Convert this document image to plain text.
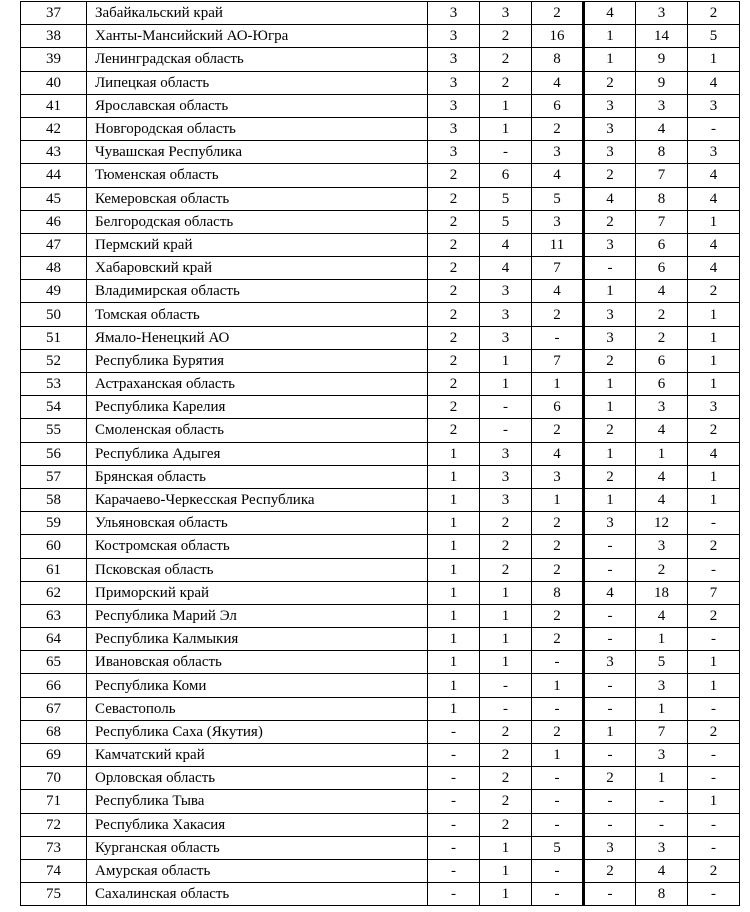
37	Забайкальский край	3	3	2	4	3	2
38	Ханты-Мансийский АО-Югра	3	2	16	1	14	5
39	Ленинградская область	3	2	8	1	9	1
40	Липецкая область	3	2	4	2	9	4
41	Ярославская область	3	1	6	3	3	3
42	Новгородская область	3	1	2	3	4	-
43	Чувашская Республика	3	-	3	3	8	3
44	Тюменская область	2	6	4	2	7	4
45	Кемеровская область	2	5	5	4	8	4
46	Белгородская область	2	5	3	2	7	1
47	Пермский край	2	4	11	3	6	4
48	Хабаровский край	2	4	7	-	6	4
49	Владимирская область	2	3	4	1	4	2
50	Томская область	2	3	2	3	2	1
51	Ямало-Ненецкий АО	2	3	-	3	2	1
52	Республика Бурятия	2	1	7	2	6	1
53	Астраханская область	2	1	1	1	6	1
54	Республика Карелия	2	-	6	1	3	3
55	Смоленская область	2	-	2	2	4	2
56	Республика Адыгея	1	3	4	1	1	4
57	Брянская область	1	3	3	2	4	1
58	Карачаево-Черкесская Республика	1	3	1	1	4	1
59	Ульяновская область	1	2	2	3	12	-
60	Костромская область	1	2	2	-	3	2
61	Псковская область	1	2	2	-	2	-
62	Приморский край	1	1	8	4	18	7
63	Республика Марий Эл	1	1	2	-	4	2
64	Республика Калмыкия	1	1	2	-	1	-
65	Ивановская область	1	1	-	3	5	1
66	Республика Коми	1	-	1	-	3	1
67	Севастополь	1	-	-	-	1	-
68	Республика Саха (Якутия)	-	2	2	1	7	2
69	Камчатский край	-	2	1	-	3	-
70	Орловская область	-	2	-	2	1	-
71	Республика Тыва	-	2	-	-	-	1
72	Республика Хакасия	-	2	-	-	-	-
73	Курганская область	-	1	5	3	3	-
74	Амурская область	-	1	-	2	4	2
75	Сахалинская область	-	1	-	-	8	-
